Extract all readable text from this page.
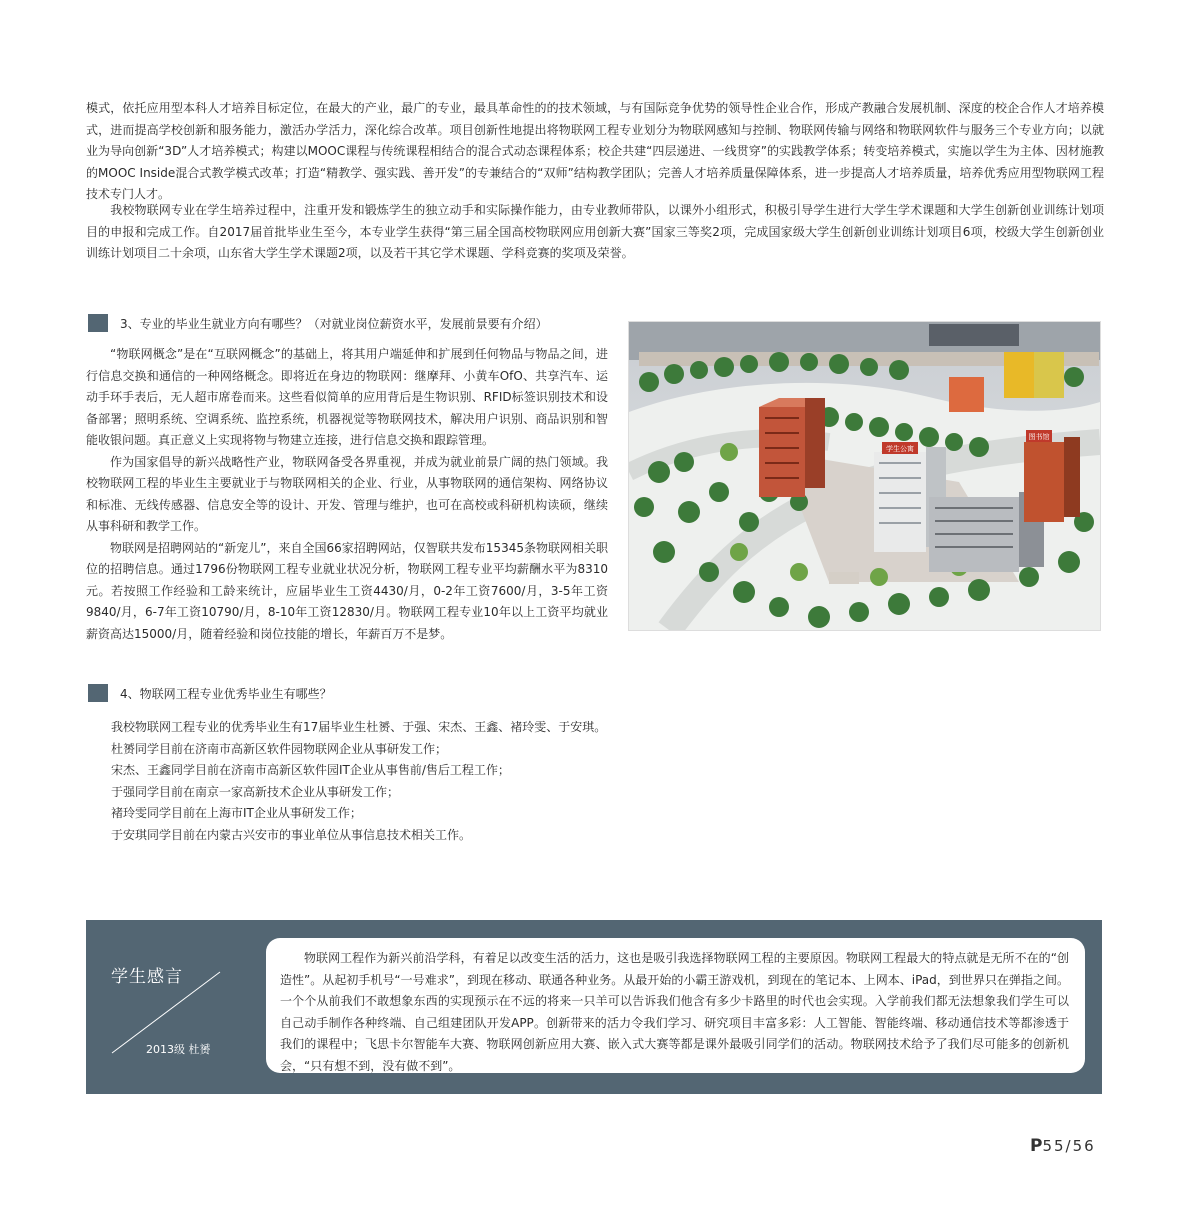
模式，依托应用型本科人才培养目标定位，在最大的产业，最广的专业，最具革命性的的技术领域，与有国际竞争优势的领导性企业合作，形成产教融合发展机制、深度的校企合作人才培养模式，进而提高学校创新和服务能力，激活办学活力，深化综合改革。项目创新性地提出将物联网工程专业划分为物联网感知与控制、物联网传输与网络和物联网软件与服务三个专业方向；以就业为导向创新“3D”人才培养模式；构建以MOOC课程与传统课程相结合的混合式动态课程体系；校企共建“四层递进、一线贯穿”的实践教学体系；转变培养模式，实施以学生为主体、因材施教的MOOC Inside混合式教学模式改革；打造“精教学、强实践、善开发”的专兼结合的“双师”结构教学团队；完善人才培养质量保障体系，进一步提高人才培养质量，培养优秀应用型物联网工程技术专门人才。

　　我校物联网专业在学生培养过程中，注重开发和锻炼学生的独立动手和实际操作能力，由专业教师带队，以课外小组形式，积极引导学生进行大学生学术课题和大学生创新创业训练计划项目的申报和完成工作。自2017届首批毕业生至今，本专业学生获得“第三届全国高校物联网应用创新大赛”国家三等奖2项，完成国家级大学生创新创业训练计划项目6项，校级大学生创新创业训练计划项目二十余项，山东省大学生学术课题2项，以及若干其它学术课题、学科竞赛的奖项及荣誉。

3、专业的毕业生就业方向有哪些？（对就业岗位薪资水平，发展前景要有介绍）

“物联网概念”是在“互联网概念”的基础上，将其用户端延伸和扩展到任何物品与物品之间，进行信息交换和通信的一种网络概念。即将近在身边的物联网：继摩拜、小黄车OfO、共享汽车、运动手环手表后，无人超市席卷而来。这些看似简单的应用背后是生物识别、RFID标签识别技术和设备部署；照明系统、空调系统、监控系统，机器视觉等物联网技术，解决用户识别、商品识别和智能收银问题。真正意义上实现将物与物建立连接，进行信息交换和跟踪管理。

作为国家倡导的新兴战略性产业，物联网备受各界重视，并成为就业前景广阔的热门领域。我校物联网工程的毕业生主要就业于与物联网相关的企业、行业，从事物联网的通信架构、网络协议和标准、无线传感器、信息安全等的设计、开发、管理与维护，也可在高校或科研机构读硕，继续从事科研和教学工作。

物联网是招聘网站的“新宠儿”，来自全国66家招聘网站，仅智联共发布15345条物联网相关职位的招聘信息。通过1796份物联网工程专业就业状况分析，物联网工程专业平均薪酬水平为8310元。若按照工作经验和工龄来统计，应届毕业生工资4430/月，0-2年工资7600/月，3-5年工资9840/月，6-7年工资10790/月，8-10年工资12830/月。物联网工程专业10年以上工资平均就业薪资高达15000/月，随着经验和岗位技能的增长，年薪百万不是梦。

学生公寓
图书馆
4、物联网工程专业优秀毕业生有哪些？
我校物联网工程专业的优秀毕业生有17届毕业生杜赟、于强、宋杰、王鑫、褚玲雯、于安琪。
杜赟同学目前在济南市高新区软件园物联网企业从事研发工作；
宋杰、王鑫同学目前在济南市高新区软件园IT企业从事售前/售后工程工作；
于强同学目前在南京一家高新技术企业从事研发工作；
褚玲雯同学目前在上海市IT企业从事研发工作；
于安琪同学目前在内蒙古兴安市的事业单位从事信息技术相关工作。
学生感言
2013级 杜赟

物联网工程作为新兴前沿学科，有着足以改变生活的活力，这也是吸引我选择物联网工程的主要原因。物联网工程最大的特点就是无所不在的“创造性”。从起初手机号“一号难求”，到现在移动、联通各种业务。从最开始的小霸王游戏机，到现在的笔记本、上网本、iPad，到世界只在弹指之间。一个个从前我们不敢想象东西的实现预示在不远的将来一只羊可以告诉我们他含有多少卡路里的时代也会实现。入学前我们都无法想象我们学生可以自己动手制作各种终端、自己组建团队开发APP。创新带来的活力令我们学习、研究项目丰富多彩：人工智能、智能终端、移动通信技术等都渗透于我们的课程中；飞思卡尔智能车大赛、物联网创新应用大赛、嵌入式大赛等都是课外最吸引同学们的活动。物联网技术给予了我们尽可能多的创新机会，“只有想不到，没有做不到”。

P55/56
